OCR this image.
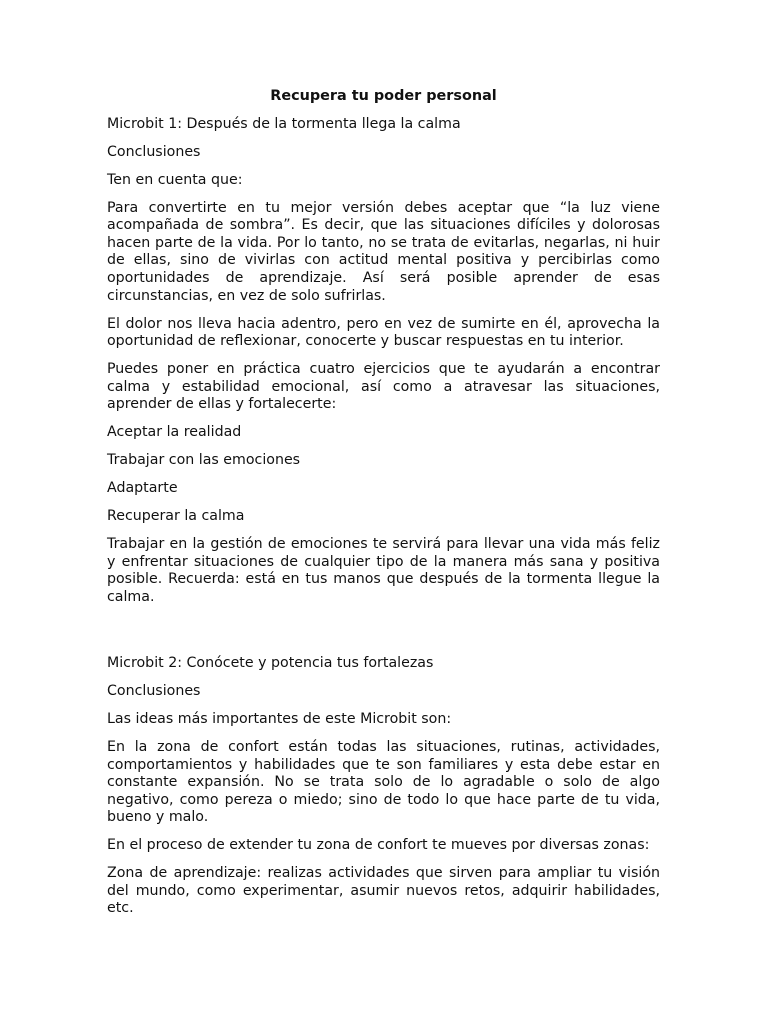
Recupera tu poder personal

Microbit 1: Después de la tormenta llega la calma

Conclusiones

Ten en cuenta que:

Para convertirte en tu mejor versión debes aceptar que “la luz viene acompañada de sombra”. Es decir, que las situaciones difíciles y dolorosas hacen parte de la vida. Por lo tanto, no se trata de evitarlas, negarlas, ni huir de ellas, sino de vivirlas con actitud mental positiva y percibirlas como oportunidades de aprendizaje. Así será posible aprender de esas circunstancias, en vez de solo sufrirlas.

El dolor nos lleva hacia adentro, pero en vez de sumirte en él, aprovecha la oportunidad de reflexionar, conocerte y buscar respuestas en tu interior.

Puedes poner en práctica cuatro ejercicios que te ayudarán a encontrar calma y estabilidad emocional, así como a atravesar las situaciones, aprender de ellas y fortalecerte:

Aceptar la realidad

Trabajar con las emociones

Adaptarte

Recuperar la calma

Trabajar en la gestión de emociones te servirá para llevar una vida más feliz y enfrentar situaciones de cualquier tipo de la manera más sana y positiva posible. Recuerda: está en tus manos que después de la tormenta llegue la calma.

Microbit 2: Conócete y potencia tus fortalezas

Conclusiones

Las ideas más importantes de este Microbit son:

En la zona de confort están todas las situaciones, rutinas, actividades, comportamientos y habilidades que te son familiares y esta debe estar en constante expansión. No se trata solo de lo agradable o solo de algo negativo, como pereza o miedo; sino de todo lo que hace parte de tu vida, bueno y malo.

En el proceso de extender tu zona de confort te mueves por diversas zonas:

Zona de aprendizaje: realizas actividades que sirven para ampliar tu visión del mundo, como experimentar, asumir nuevos retos, adquirir habilidades, etc.
